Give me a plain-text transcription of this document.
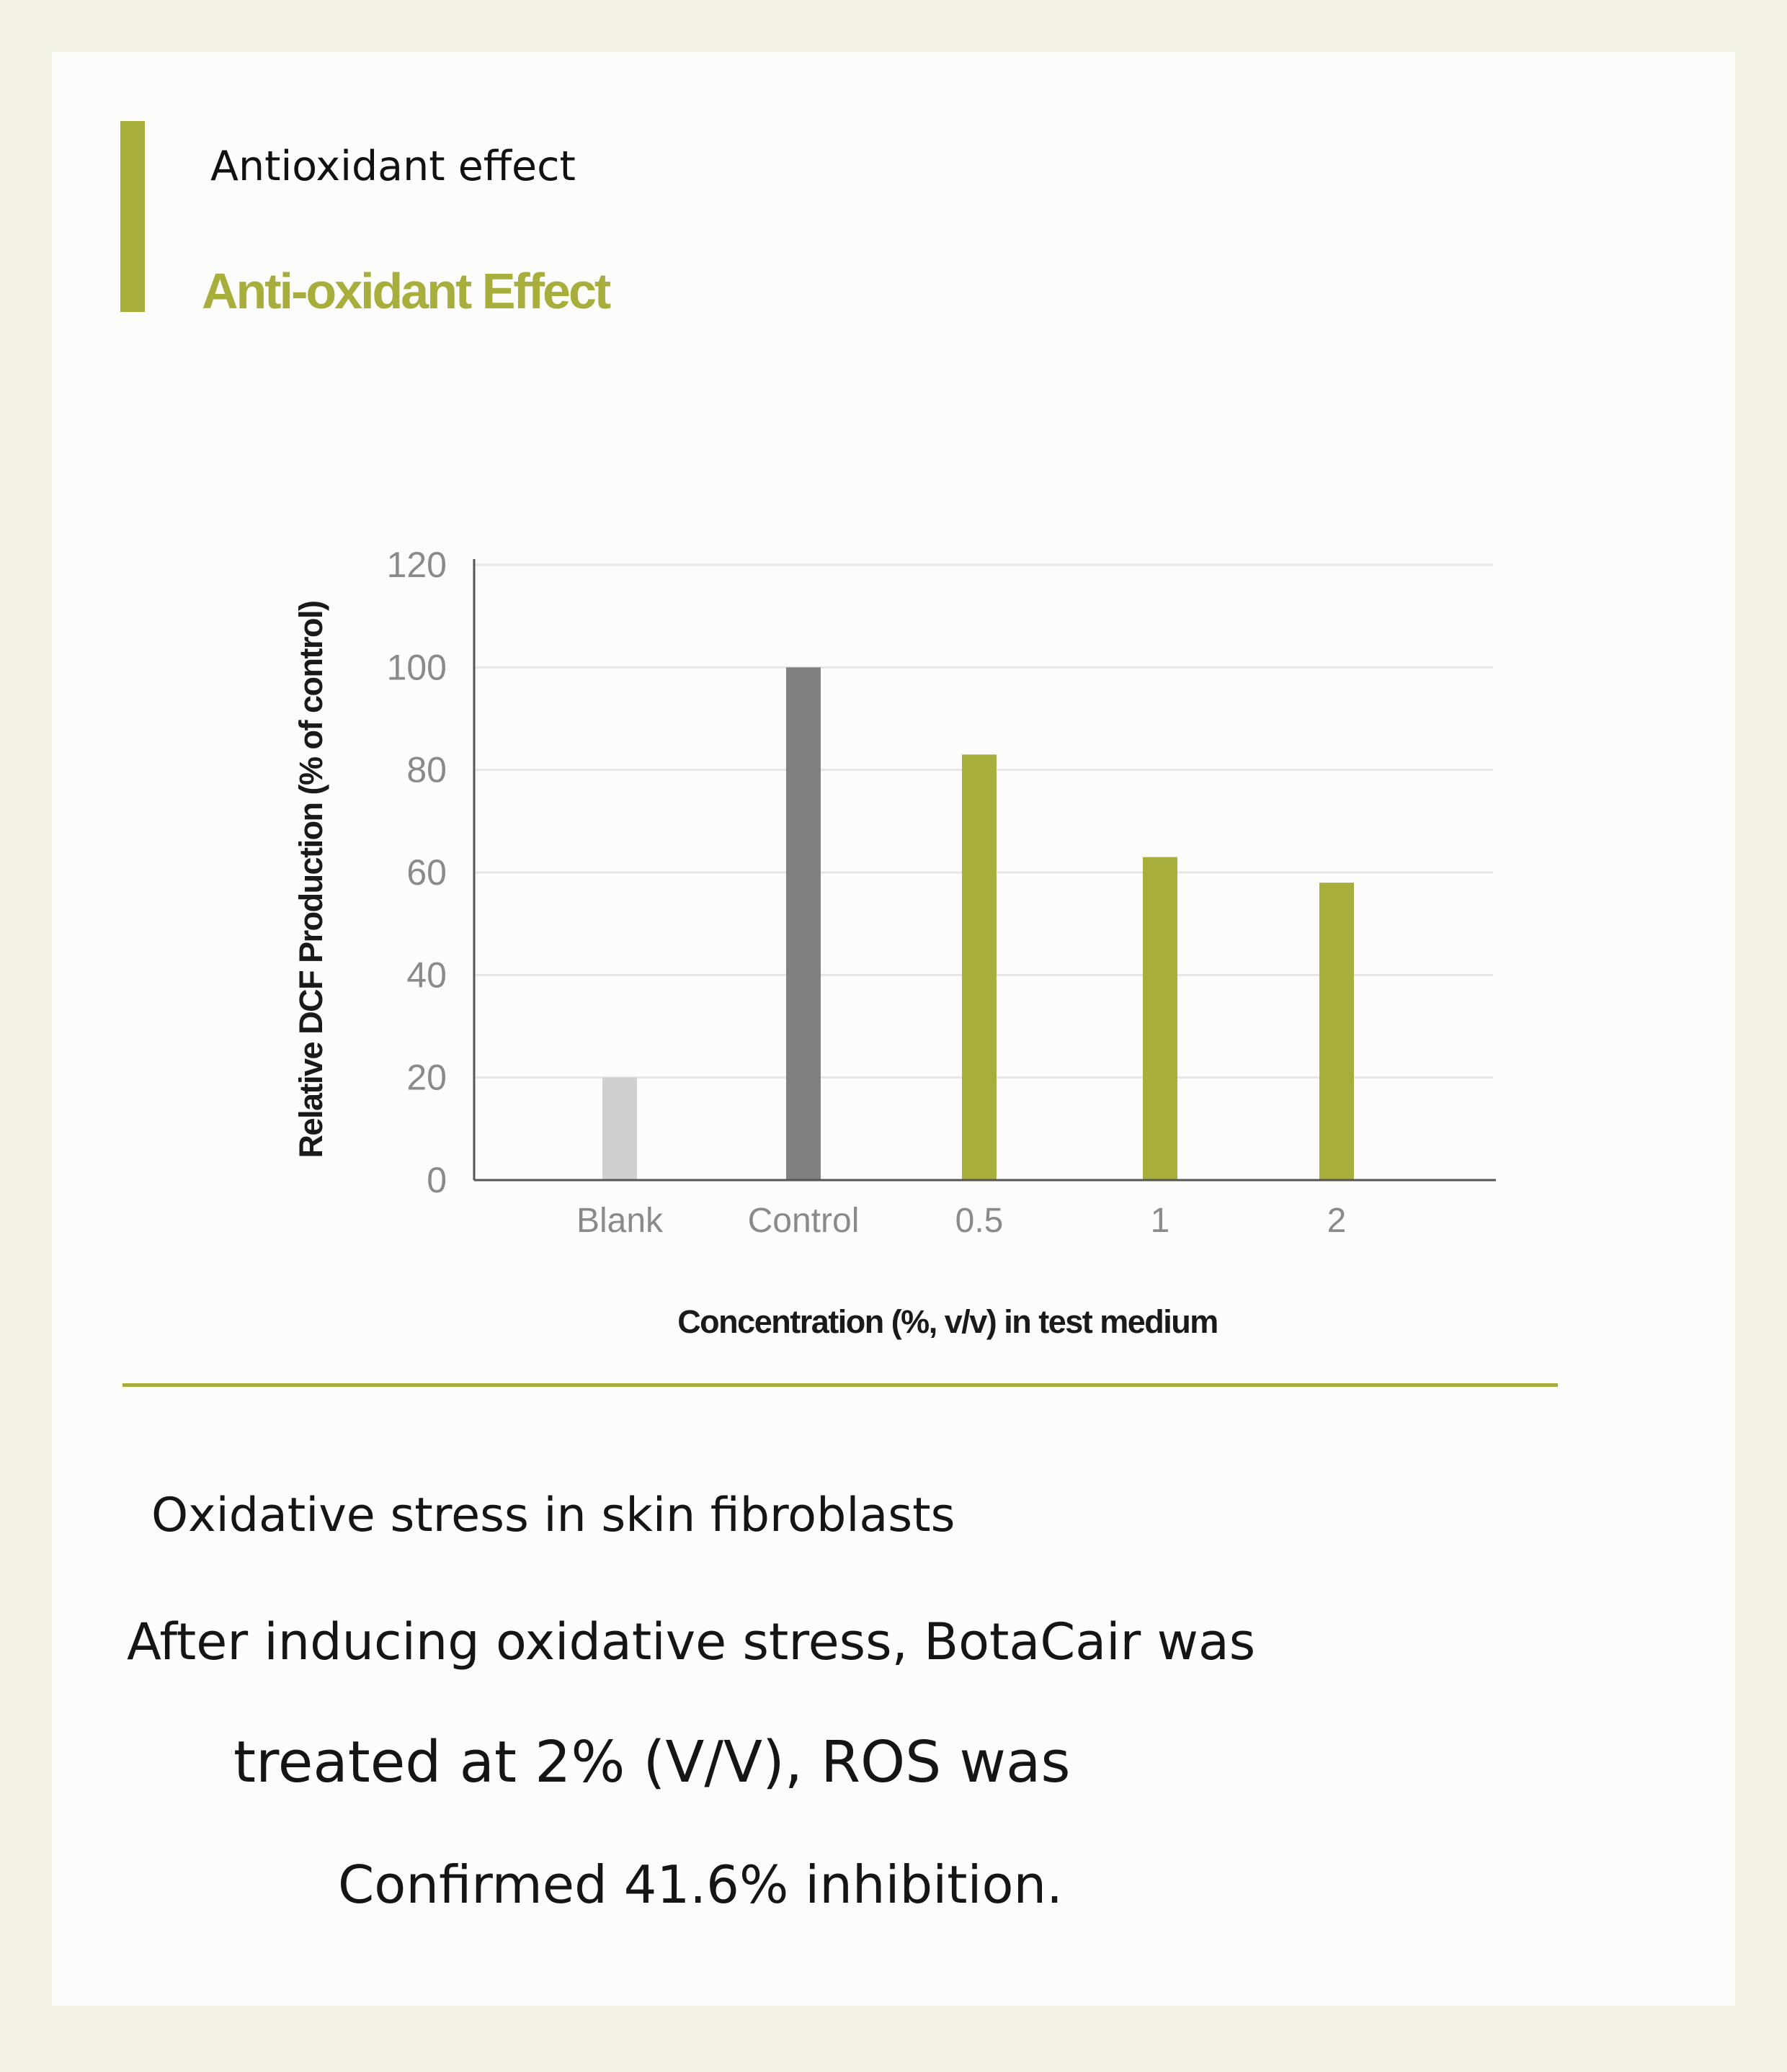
Antioxidant effect
Anti-oxidant Effect
0
20
40
60
80
100
120
Blank Control	0.5	1	2
Concentration (%, v/v) in test medium
Relative DCF Production (% of control)
Oxidative stress in skin fibroblasts
After inducing oxidative stress, BotaCair was
treated at 2% (V/V), ROS was
Confirmed 41.6% inhibition.
